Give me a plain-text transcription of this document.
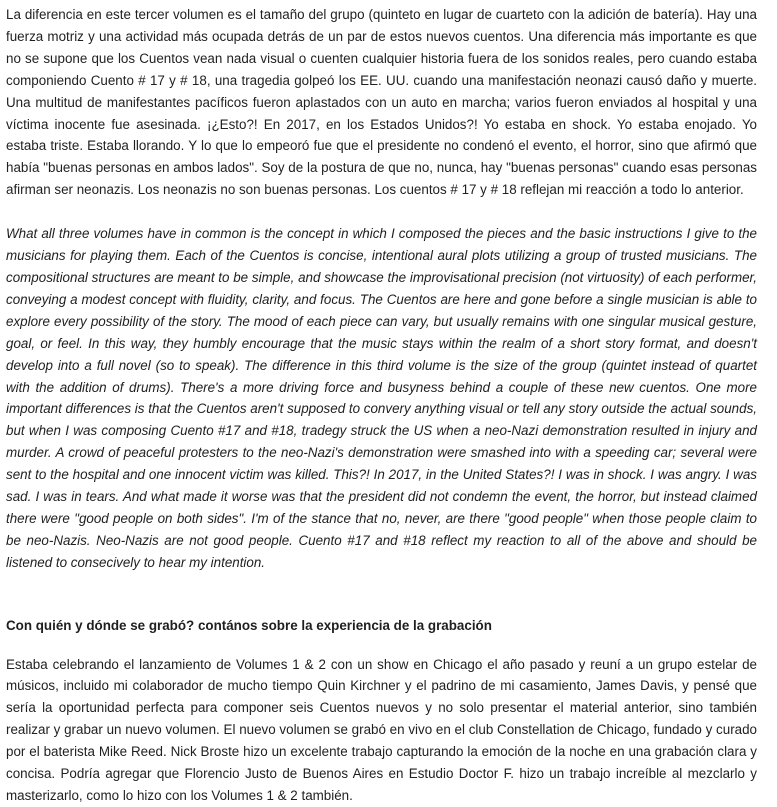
La diferencia en este tercer volumen es el tamaño del grupo (quinteto en lugar de cuarteto con la adición de batería). Hay una fuerza motriz y una actividad más ocupada detrás de un par de estos nuevos cuentos. Una diferencia más importante es que no se supone que los Cuentos vean nada visual o cuenten cualquier historia fuera de los sonidos reales, pero cuando estaba componiendo Cuento # 17 y # 18, una tragedia golpeó los EE. UU. cuando una manifestación neonazi causó daño y muerte. Una multitud de manifestantes pacíficos fueron aplastados con un auto en marcha; varios fueron enviados al hospital y una víctima inocente fue asesinada. ¡¿Esto?! En 2017, en los Estados Unidos?! Yo estaba en shock. Yo estaba enojado. Yo estaba triste. Estaba llorando. Y lo que lo empeoró fue que el presidente no condenó el evento, el horror, sino que afirmó que había "buenas personas en ambos lados". Soy de la postura de que no, nunca, hay "buenas personas" cuando esas personas afirman ser neonazis. Los neonazis no son buenas personas. Los cuentos # 17 y # 18 reflejan mi reacción a todo lo anterior.

What all three volumes have in common is the concept in which I composed the pieces and the basic instructions I give to the musicians for playing them. Each of the Cuentos is concise, intentional aural plots utilizing a group of trusted musicians. The compositional structures are meant to be simple, and showcase the improvisational precision (not virtuosity) of each performer, conveying a modest concept with fluidity, clarity, and focus. The Cuentos are here and gone before a single musician is able to explore every possibility of the story. The mood of each piece can vary, but usually remains with one singular musical gesture, goal, or feel. In this way, they humbly encourage that the music stays within the realm of a short story format, and doesn't develop into a full novel (so to speak). The difference in this third volume is the size of the group (quintet instead of quartet with the addition of drums). There's a more driving force and busyness behind a couple of these new cuentos. One more important differences is that the Cuentos aren't supposed to convery anything visual or tell any story outside the actual sounds, but when I was composing Cuento #17 and #18, tradegy struck the US when a neo-Nazi demonstration resulted in injury and murder. A crowd of peaceful protesters to the neo-Nazi's demonstration were smashed into with a speeding car; several were sent to the hospital and one innocent victim was killed. This?! In 2017, in the United States?! I was in shock. I was angry. I was sad. I was in tears. And what made it worse was that the president did not condemn the event, the horror, but instead claimed there were "good people on both sides". I'm of the stance that no, never, are there "good people" when those people claim to be neo-Nazis. Neo-Nazis are not good people. Cuento #17 and #18 reflect my reaction to all of the above and should be listened to consecively to hear my intention.

Con quién y dónde se grabó? contános sobre la experiencia de la grabación

Estaba celebrando el lanzamiento de Volumes 1 & 2 con un show en Chicago el año pasado y reuní a un grupo estelar de músicos, incluido mi colaborador de mucho tiempo Quin Kirchner y el padrino de mi casamiento, James Davis, y pensé que sería la oportunidad perfecta para componer seis Cuentos nuevos y no solo presentar el material anterior, sino también realizar y grabar un nuevo volumen. El nuevo volumen se grabó en vivo en el club Constellation de Chicago, fundado y curado por el baterista Mike Reed. Nick Broste hizo un excelente trabajo capturando la emoción de la noche en una grabación clara y concisa. Podría agregar que Florencio Justo de Buenos Aires en Estudio Doctor F. hizo un trabajo increíble al mezclarlo y masterizarlo, como lo hizo con los Volumes 1 & 2 también.
